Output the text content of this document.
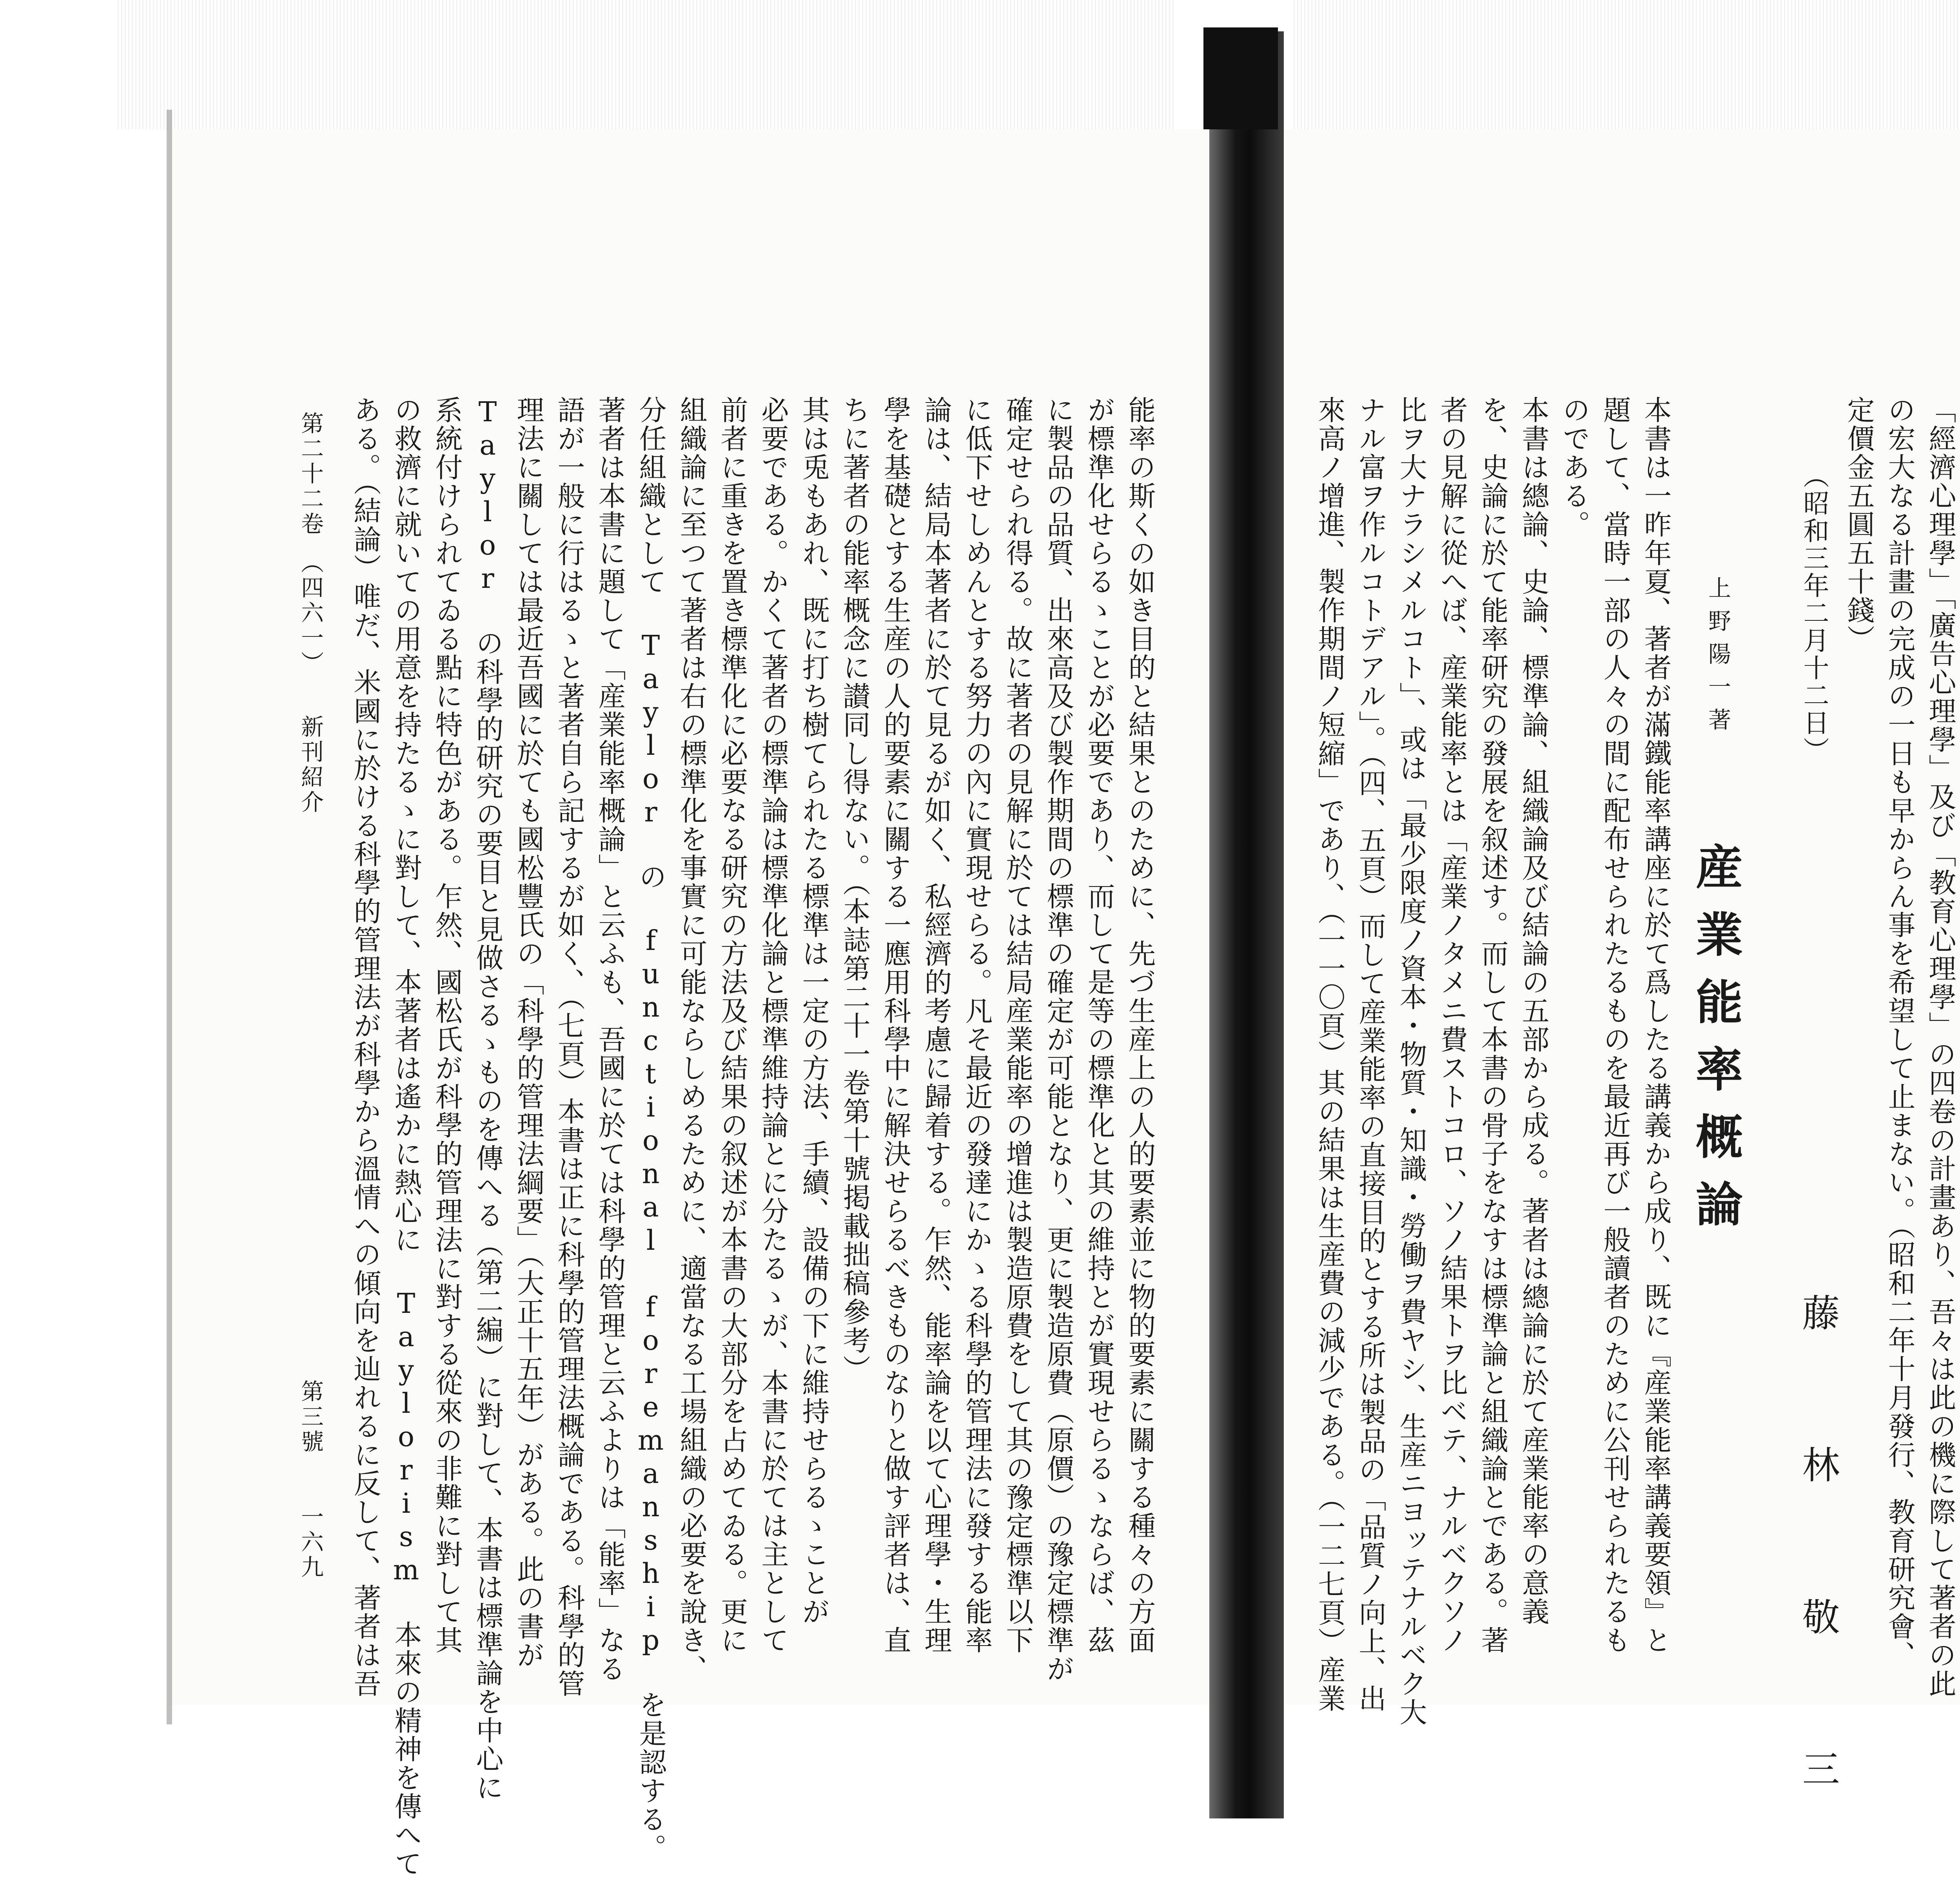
第二十二卷　（四六一）　　新刊紹介
第三號　　一六九	能率の斯くの如き目的と結果とのために、先づ生産上の人的要素並に物的要素に關する種々の方面

が標準化せらるゝことが必要であり、而して是等の標準化と其の維持とが實現せらるゝならば、茲

に製品の品質、出來高及び製作期間の標準の確定が可能となり、更に製造原費（原價）の豫定標準が

確定せられ得る。故に著者の見解に於ては結局産業能率の增進は製造原費をして其の豫定標準以下

に低下せしめんとする努力の內に實現せらる。凡そ最近の發達にかゝる科學的管理法に發する能率

論は、結局本著者に於て見るが如く、私經濟的考慮に歸着する。乍然、能率論を以て心理學・生理

學を基礎とする生産の人的要素に關する一應用科學中に解決せらるべきものなりと做す評者は、直

ちに著者の能率概念に讃同し得ない。（本誌第二十一卷第十號掲載拙稿參考）

其は兎もあれ、既に打ち樹てられたる標準は一定の方法、手續、設備の下に維持せらるゝことが

必要である。かくて著者の標準論は標準化論と標準維持論とに分たるゝが、本書に於ては主として

前者に重きを置き標準化に必要なる研究の方法及び結果の叙述が本書の大部分を占めてゐる。更に

組織論に至つて著者は右の標準化を事實に可能ならしめるために、適當なる工場組織の必要を說き、

分任組織として Taylor の functional foremanship を是認する。

著者は本書に題して「産業能率概論」と云ふも、吾國に於ては科學的管理と云ふよりは「能率」なる

語が一般に行はるゝと著者自ら記するが如く、（七頁）本書は正に科學的管理法概論である。科學的管

理法に關しては最近吾國に於ても國松豐氏の「科學的管理法綱要」（大正十五年）がある。此の書が

Taylor の科學的研究の要目と見做さるゝものを傳へる（第二編）に對して、本書は標準論を中心に

系統付けられてゐる點に特色がある。乍然、國松氏が科學的管理法に對する從來の非難に對して其

の救濟に就いての用意を持たるゝに對して、本著者は遙かに熱心に Taylorism 本來の精神を傳へて

ある。（結論）唯だ、米國に於ける科學的管理法が科學から溫情への傾向を辿れるに反して、著者は吾

　　	「經濟心理學」「廣告心理學」及び「教育心理學」の四卷の計畫あり、吾々は此の機に際して著者の此

の宏大なる計畫の完成の一日も早からん事を希望して止まない。（昭和二年十月發行、教育研究會、

定價金五圓五十錢）

（昭和三年二月十二日）
藤 林 敬 三
産業能率概論
上野陽一著

本書は一昨年夏、著者が滿鐵能率講座に於て爲したる講義から成り、既に『産業能率講義要領』と

題して、當時一部の人々の間に配布せられたるものを最近再び一般讀者のために公刊せられたるも

のである。

本書は總論、史論、標準論、組織論及び結論の五部から成る。著者は總論に於て産業能率の意義

を、史論に於て能率研究の發展を叙述す。而して本書の骨子をなすは標準論と組織論とである。著

者の見解に從へば、産業能率とは「産業ノタメニ費ストコロ、ソノ結果トヲ比ベテ、ナルベクソノ

比ヲ大ナラシメルコト」、或は「最少限度ノ資本・物質・知識・勞働ヲ費ヤシ、生産ニヨッテナルベク大

ナル富ヲ作ルコトデアル」。（四、五頁）而して産業能率の直接目的とする所は製品の「品質ノ向上、出

來高ノ增進、製作期間ノ短縮」であり、（一一〇頁）其の結果は生産費の減少である。（一二七頁）産業
